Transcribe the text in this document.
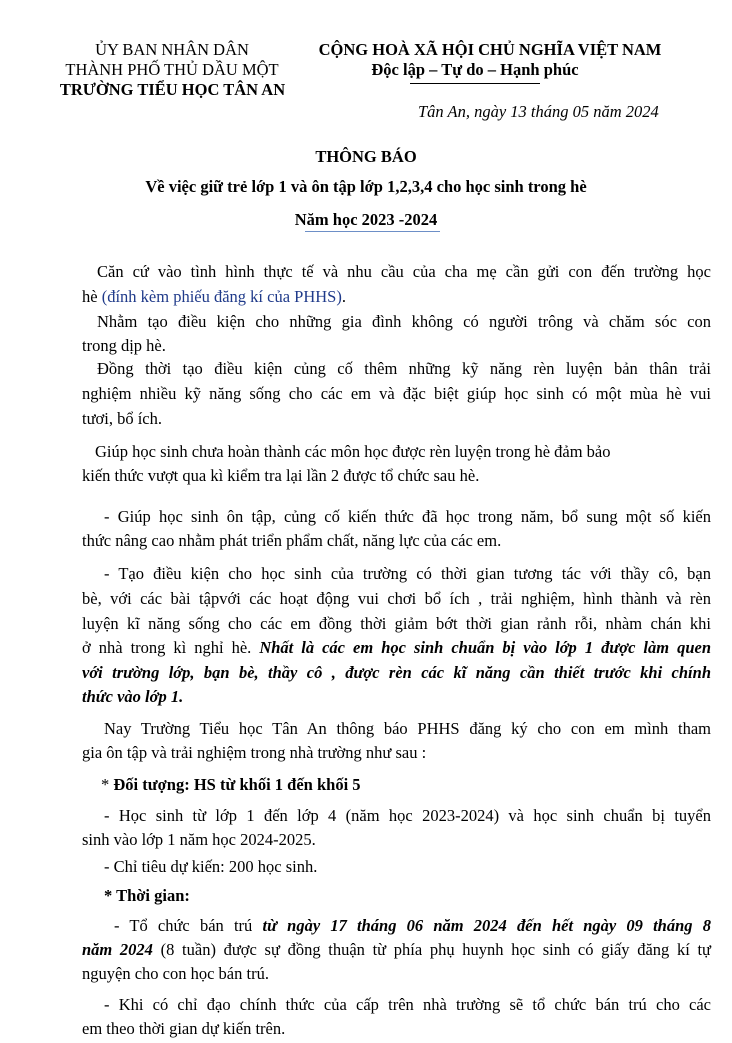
ỦY BAN NHÂN DÂN
THÀNH PHỐ THỦ DẦU MỘT
TRƯỜNG TIỂU HỌC TÂN AN
CỘNG HOÀ XÃ HỘI CHỦ NGHĨA VIỆT NAM
Độc lập – Tự do – Hạnh phúc
Tân An, ngày 13 tháng 05 năm 2024
THÔNG BÁO
Về việc giữ trẻ lớp 1 và ôn tập lớp 1,2,3,4 cho học sinh trong hè
Năm học 2023 -2024
Căn cứ vào tình hình thực tế và nhu cầu của cha mẹ cần gửi con đến trường học
hè (đính kèm phiếu đăng kí của PHHS).
Nhằm tạo điều kiện cho những gia đình không có người trông và chăm sóc con
trong dịp hè.
Đồng thời tạo điều kiện củng cố thêm những kỹ năng rèn luyện bản thân trải
nghiệm nhiều kỹ năng sống cho các em và đặc biệt giúp học sinh có một mùa hè vui
tươi, bổ ích.
Giúp học sinh chưa hoàn thành các môn học được rèn luyện trong hè đảm bảo
kiến thức vượt qua kì kiểm tra lại lần 2 được tổ chức sau hè.
- Giúp học sinh ôn tập, củng cố kiến thức đã học trong năm, bổ sung một số kiến
thức nâng cao nhằm phát triển phẩm chất, năng lực của các em.
- Tạo điều kiện cho học sinh của trường có thời gian tương tác với thầy cô, bạn
bè, với các bài tậpvới các hoạt động vui chơi bổ ích , trải nghiệm, hình thành và rèn
luyện kĩ năng sống cho các em đồng thời giảm bớt thời gian rảnh rỗi, nhàm chán khi
ở nhà trong kì nghỉ hè. Nhất là các em học sinh chuẩn bị vào lớp 1 được làm quen
với trường lớp, bạn bè, thầy cô , được rèn các kĩ năng cần thiết trước khi chính
thức vào lớp 1.
Nay Trường Tiểu học Tân An thông báo PHHS đăng ký cho con em mình tham
gia ôn tập và trải nghiệm trong nhà trường như sau :
* Đối tượng: HS từ khối 1 đến khối 5
- Học sinh từ lớp 1 đến lớp 4 (năm học 2023-2024) và học sinh chuẩn bị tuyển
sinh vào lớp 1 năm học 2024-2025.
- Chỉ tiêu dự kiến: 200 học sinh.
* Thời gian:
- Tổ chức bán trú từ ngày 17 tháng 06 năm 2024 đến hết ngày 09 tháng 8
năm 2024 (8 tuần) được sự đồng thuận từ phía phụ huynh học sinh có giấy đăng kí tự
nguyện cho con học bán trú.
- Khi có chỉ đạo chính thức của cấp trên nhà trường sẽ tổ chức bán trú cho các
em theo thời gian dự kiến trên.
